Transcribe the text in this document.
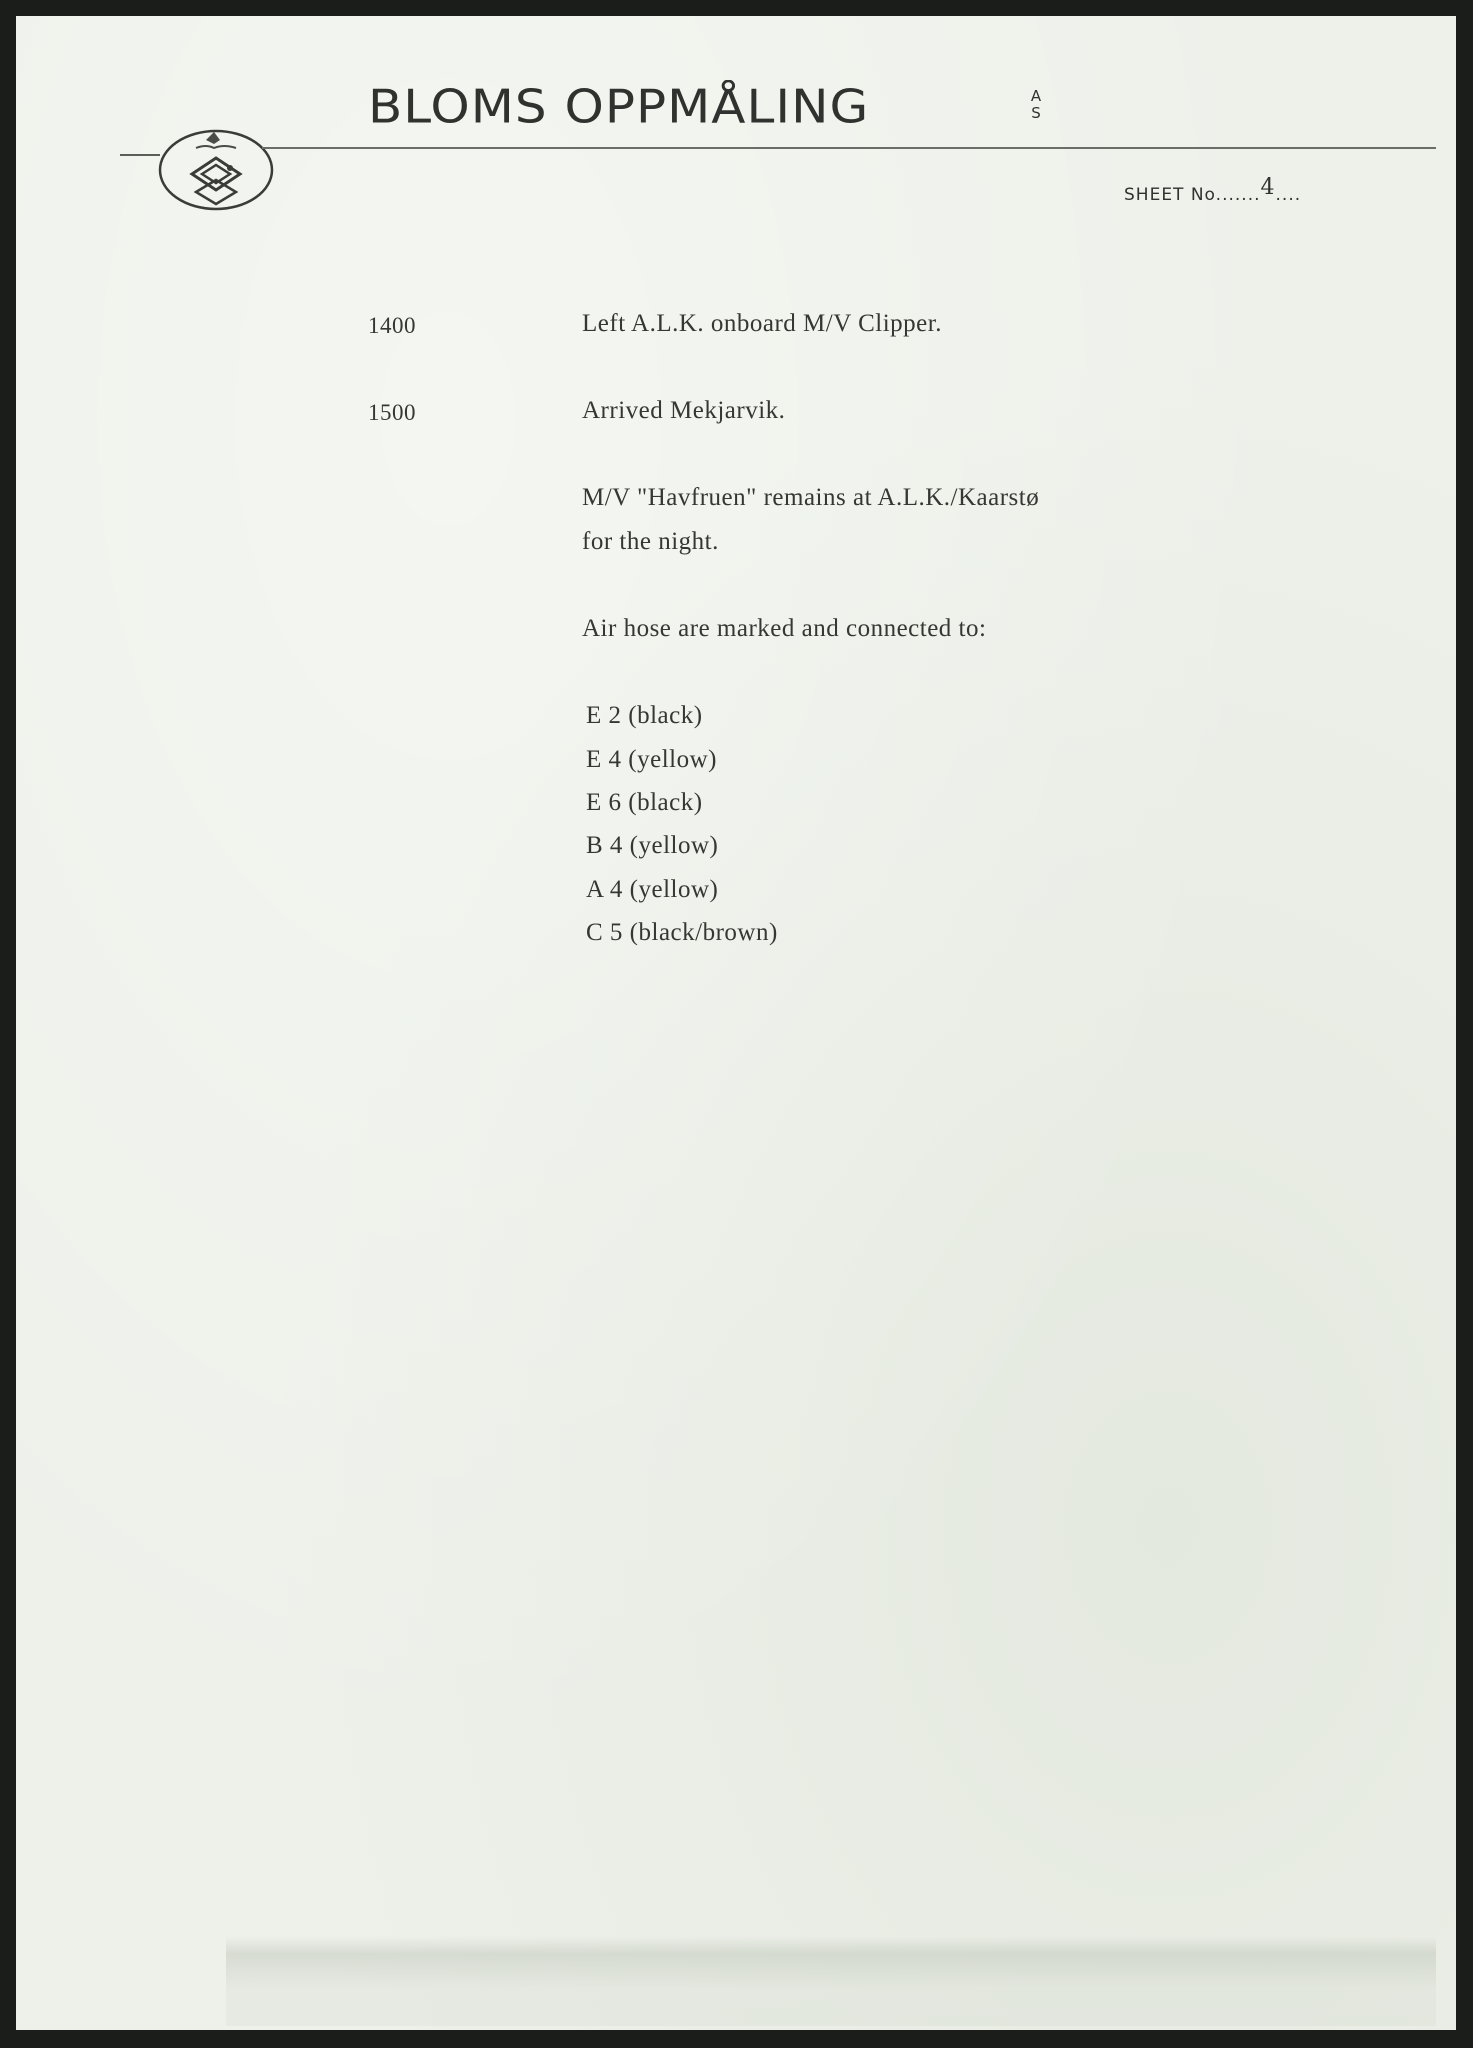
BLOMS OPPMÅLING	A
S
SHEET No.......4....
1400	Left A.L.K. onboard M/V Clipper.
1500	Arrived Mekjarvik.
M/V "Havfruen" remains at A.L.K./Kaarstø
for the night.
Air hose are marked and connected to:
E 2 (black)
E 4 (yellow)
E 6 (black)
B 4 (yellow)
A 4 (yellow)
C 5 (black/brown)
